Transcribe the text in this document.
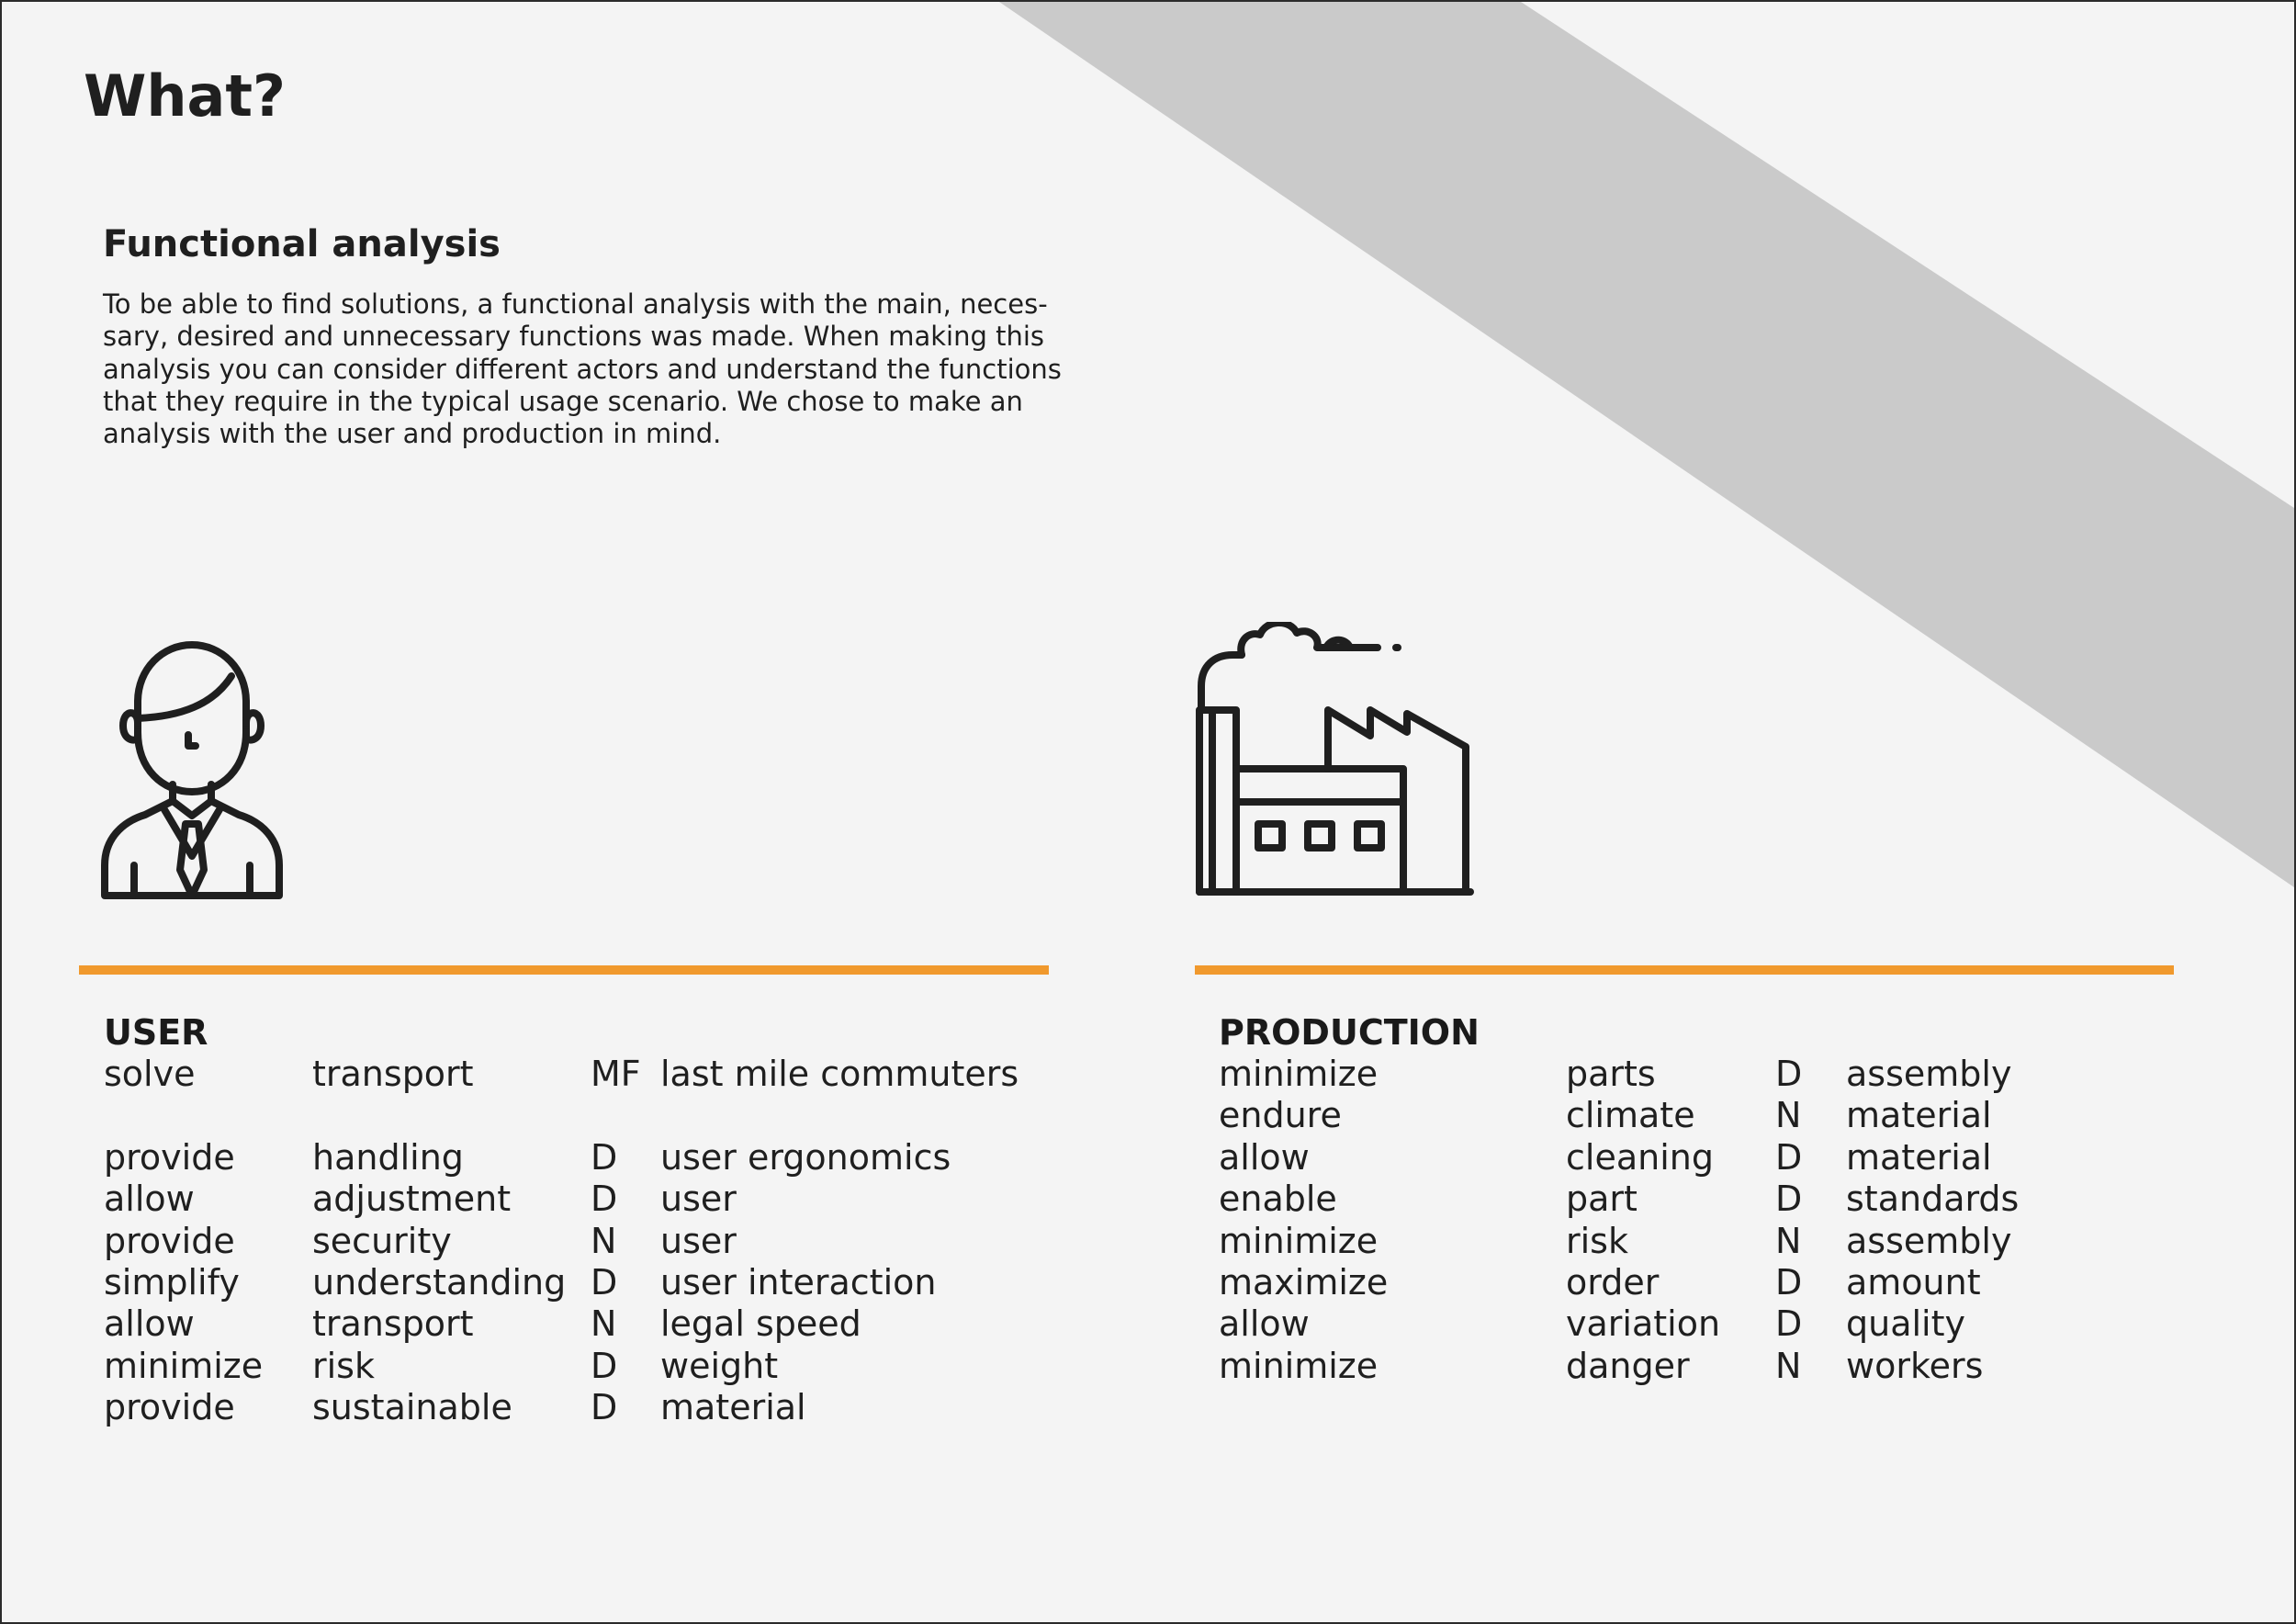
What?
Functional analysis

To be able to find solutions, a functional analysis with the main, neces-
sary, desired and unnecessary functions was made. When making this
analysis you can consider different actors and understand the functions
that they require in the typical usage scenario. We chose to make an
analysis with the user and production in mind.

USER	PRODUCTION
solve	transport	MF	last mile commuters

provide	handling	D	user ergonomics
allow	adjustment	D	user
provide	security	N	user
simplify	understanding	D	user interaction
allow	transport	N	legal speed
minimize	risk	D	weight
provide	sustainable	D	material
minimize	parts	D	assembly
endure	climate	N	material
allow	cleaning	D	material
enable	part	D	standards
minimize	risk	N	assembly
maximize	order	D	amount
allow	variation	D	quality
minimize	danger	N	workers
